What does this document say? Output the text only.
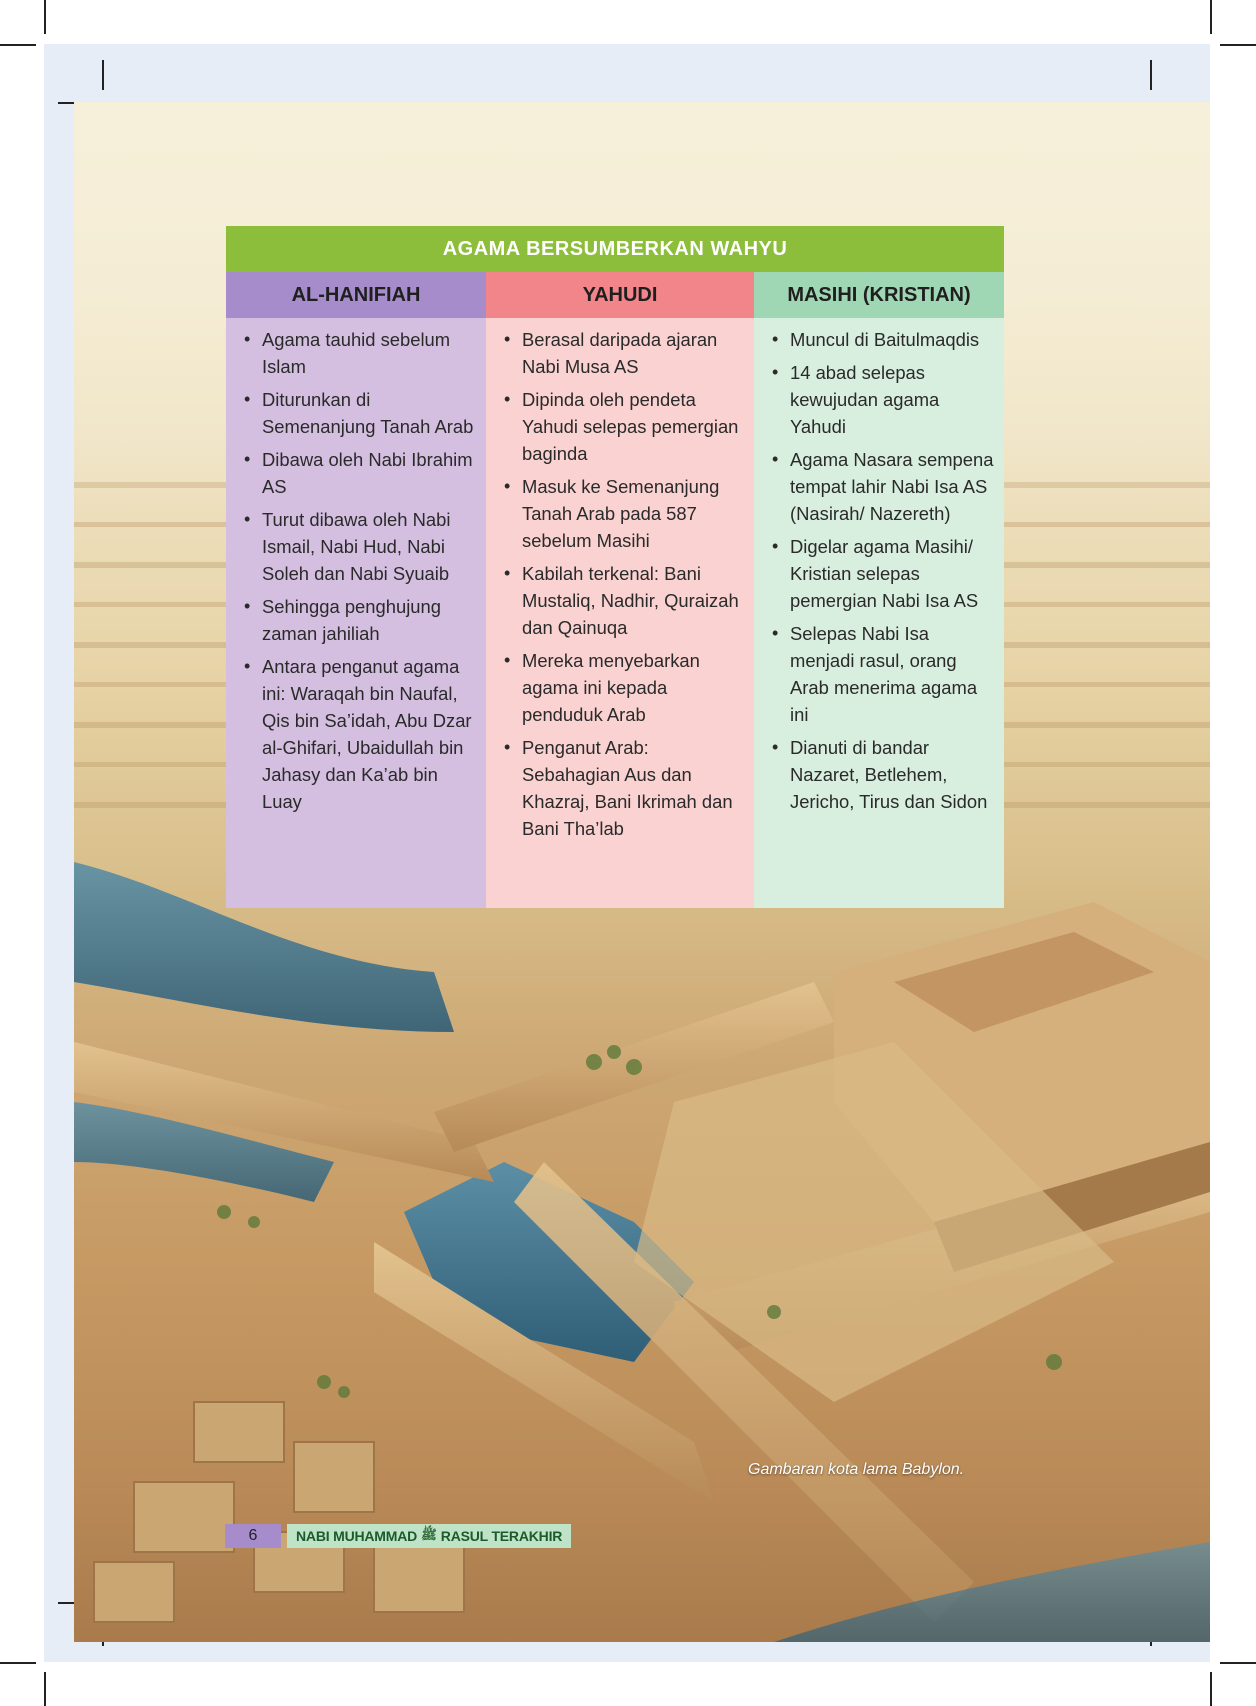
AGAMA BERSUMBERKAN WAHYU
AL-HANIFIAH
• Agama tauhid sebelum Islam
• Diturunkan di Semenanjung Tanah Arab
• Dibawa oleh Nabi Ibrahim AS
• Turut dibawa oleh Nabi Ismail, Nabi Hud, Nabi Soleh dan Nabi Syuaib
• Sehingga penghujung zaman jahiliah
• Antara penganut agama ini: Waraqah bin Naufal, Qis bin Sa’idah, Abu Dzar al-Ghifari, Ubaidullah bin Jahasy dan Ka’ab bin Luay
YAHUDI
• Berasal daripada ajaran Nabi Musa AS
• Dipinda oleh pendeta Yahudi selepas pemergian baginda
• Masuk ke Semenanjung Tanah Arab pada 587 sebelum Masihi
• Kabilah terkenal: Bani Mustaliq, Nadhir, Quraizah dan Qainuqa
• Mereka menyebarkan agama ini kepada penduduk Arab
• Penganut Arab: Sebahagian Aus dan Khazraj, Bani Ikrimah dan Bani Tha’lab
MASIHI (KRISTIAN)
• Muncul di Baitulmaqdis
• 14 abad selepas kewujudan agama Yahudi
• Agama Nasara sempena tempat lahir Nabi Isa AS (Nasirah/ Nazereth)
• Digelar agama Masihi/ Kristian selepas pemergian Nabi Isa AS
• Selepas Nabi Isa menjadi rasul, orang Arab menerima agama ini
• Dianuti di bandar Nazaret, Betlehem, Jericho, Tirus dan Sidon
Gambaran kota lama Babylon.
6	NABI MUHAMMAD ﷺ RASUL TERAKHIR
